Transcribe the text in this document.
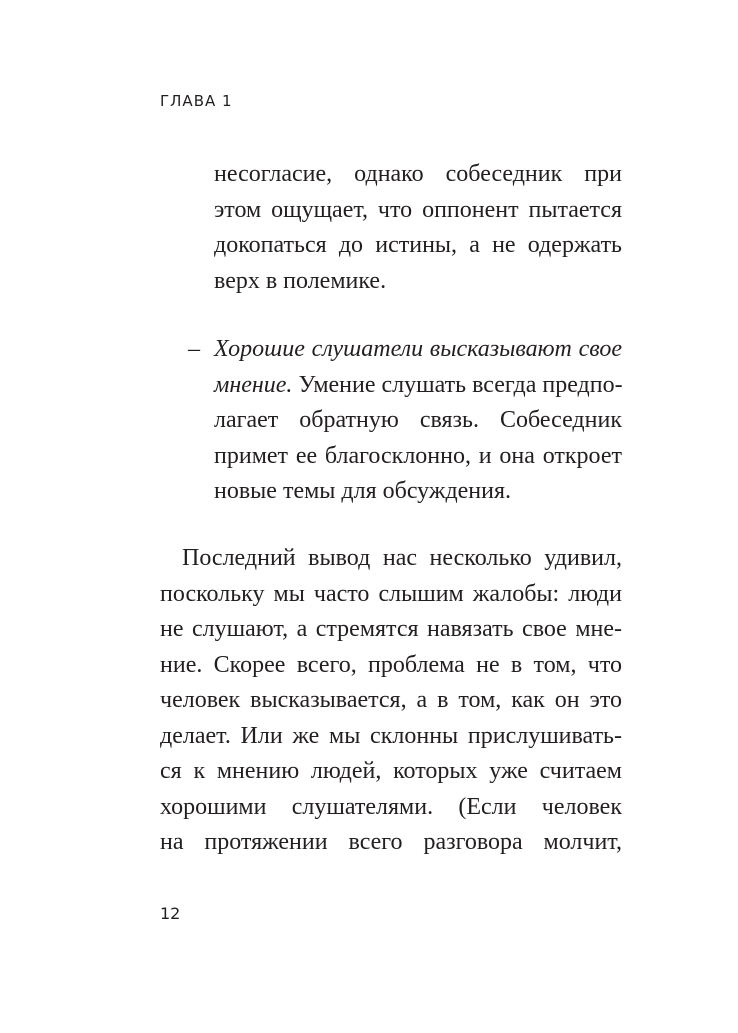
ГЛАВА 1
несогласие, однако собеседник при
этом ощущает, что оппонент пытается
докопаться до истины, а не одержать
верх в полемике.
– Хорошие слушатели высказывают свое
мнение. Умение слушать всегда предпо-
лагает обратную связь. Собеседник
примет ее благосклонно, и она откроет
новые темы для обсуждения.
Последний вывод нас несколько удивил,
поскольку мы часто слышим жалобы: люди
не слушают, а стремятся навязать свое мне-
ние. Скорее всего, проблема не в том, что
человек высказывается, а в том, как он это
делает. Или же мы склонны прислушивать-
ся к мнению людей, которых уже считаем
хорошими слушателями. (Если человек
на протяжении всего разговора молчит,
12
